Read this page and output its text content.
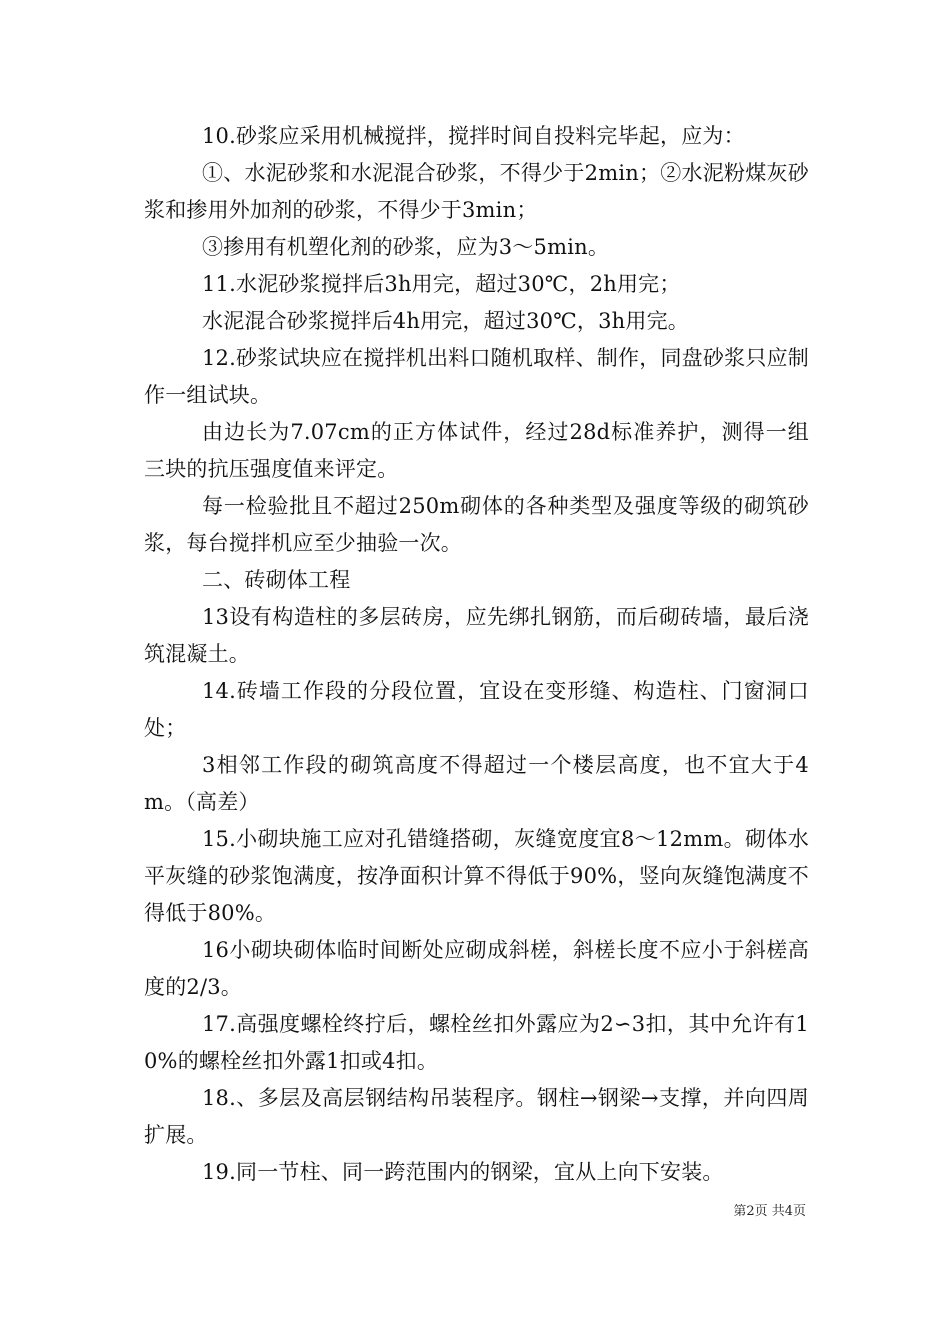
10.砂浆应采用机械搅拌，搅拌时间自投料完毕起，应为：

①、水泥砂浆和水泥混合砂浆，不得少于2min；②水泥粉煤灰砂浆和掺用外加剂的砂浆，不得少于3min；

③掺用有机塑化剂的砂浆，应为3～5min。

11.水泥砂浆搅拌后3h用完，超过30℃，2h用完；

水泥混合砂浆搅拌后4h用完，超过30℃，3h用完。

12.砂浆试块应在搅拌机出料口随机取样、制作，同盘砂浆只应制作一组试块。

由边长为7.07cm的正方体试件，经过28d标准养护，测得一组三块的抗压强度值来评定。

每一检验批且不超过250m砌体的各种类型及强度等级的砌筑砂浆，每台搅拌机应至少抽验一次。

二、砖砌体工程

13设有构造柱的多层砖房，应先绑扎钢筋，而后砌砖墙，最后浇筑混凝土。

14.砖墙工作段的分段位置，宜设在变形缝、构造柱、门窗洞口处；

3相邻工作段的砌筑高度不得超过一个楼层高度，也不宜大于4m。（高差）

15.小砌块施工应对孔错缝搭砌，灰缝宽度宜8～12mm。砌体水平灰缝的砂浆饱满度，按净面积计算不得低于90%，竖向灰缝饱满度不得低于80%。

16小砌块砌体临时间断处应砌成斜槎，斜槎长度不应小于斜槎高度的2/3。

17.高强度螺栓终拧后，螺栓丝扣外露应为2∽3扣，其中允许有10%的螺栓丝扣外露1扣或4扣。

18.、多层及高层钢结构吊装程序。钢柱→钢梁→支撑，并向四周扩展。

19.同一节柱、同一跨范围内的钢梁，宜从上向下安装。

第2页 共4页
